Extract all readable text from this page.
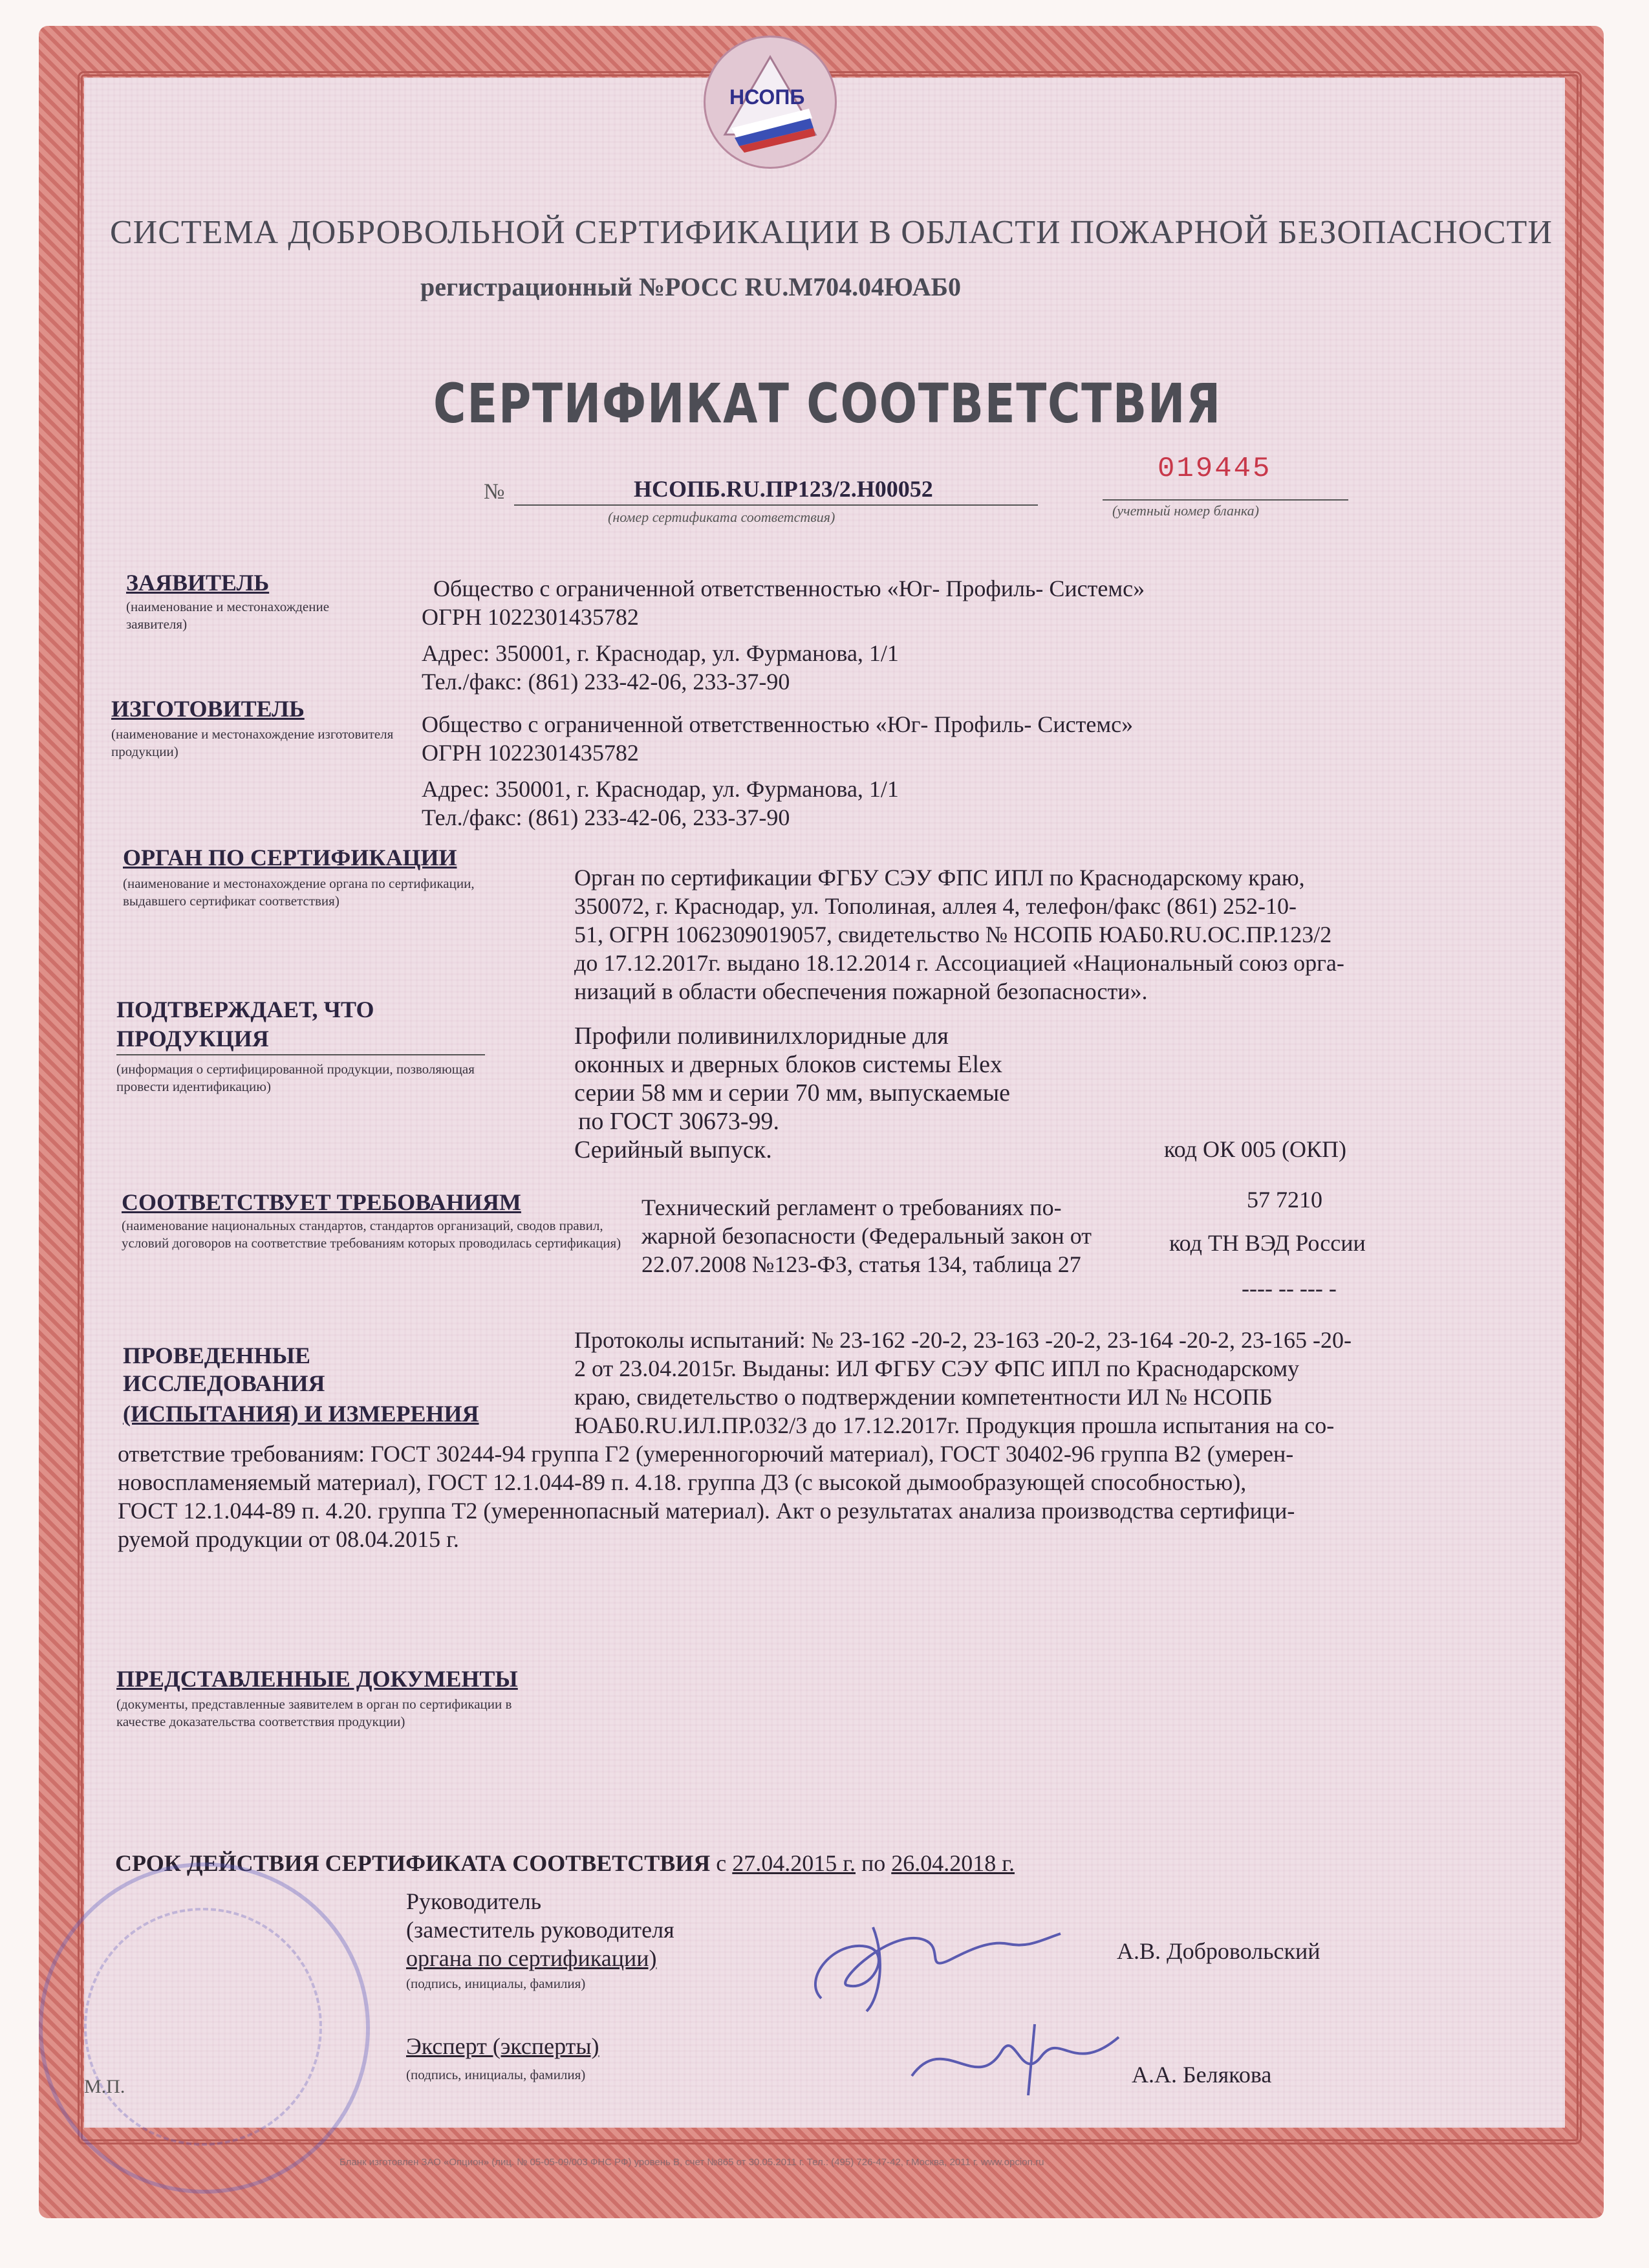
НСОПБ

СИСТЕМА ДОБРОВОЛЬНОЙ СЕРТИФИКАЦИИ В ОБЛАСТИ ПОЖАРНОЙ БЕЗОПАСНОСТИ

регистрационный №РОСС RU.M704.04ЮАБ0

СЕРТИФИКАТ СООТВЕТСТВИЯ

№	НСОПБ.RU.ПР123/2.Н00052
(номер сертификата соответствия)
019445
(учетный номер бланка)

ЗАЯВИТЕЛЬ

(наименование и местонахождение заявителя)

Общество с ограниченной ответственностью «Юг- Профиль- Системс»
ОГРН 1022301435782
Адрес: 350001, г. Краснодар, ул. Фурманова, 1/1
Тел./факс: (861) 233-42-06, 233-37-90

ИЗГОТОВИТЕЛЬ

(наименование и местонахождение изготовителя продукции)

Общество с ограниченной ответственностью «Юг- Профиль- Системс»
ОГРН 1022301435782
Адрес: 350001, г. Краснодар, ул. Фурманова, 1/1
Тел./факс: (861) 233-42-06, 233-37-90

ОРГАН ПО СЕРТИФИКАЦИИ

(наименование и местонахождение органа по сертификации, выдавшего сертификат соответствия)

Орган по сертификации ФГБУ СЭУ ФПС ИПЛ по Краснодарскому краю,
350072, г. Краснодар, ул. Тополиная, аллея 4, телефон/факс (861) 252-10-
51, ОГРН 1062309019057, свидетельство № НСОПБ ЮАБ0.RU.ОС.ПР.123/2
до 17.12.2017г. выдано 18.12.2014 г. Ассоциацией «Национальный союз орга-
низаций в области обеспечения пожарной безопасности».

ПОДТВЕРЖДАЕТ, ЧТО

ПРОДУКЦИЯ

(информация о сертифицированной продукции, позволяющая провести идентификацию)

Профили поливинилхлоридные для
оконных и дверных блоков системы Elex
серии 58 мм и серии 70 мм, выпускаемые
по ГОСТ 30673-99.
Серийный выпуск.	код ОК 005 (ОКП)
57 7210

СООТВЕТСТВУЕТ ТРЕБОВАНИЯМ

(наименование национальных стандартов, стандартов организаций, сводов правил, условий договоров на соответствие требованиям которых проводилась сертификация)

Технический регламент о требованиях по-
жарной безопасности (Федеральный закон от
22.07.2008 №123-ФЗ, статья 134, таблица 27
код ТН ВЭД России
---- -- --- -

ПРОВЕДЕННЫЕ

ИССЛЕДОВАНИЯ

(ИСПЫТАНИЯ) И ИЗМЕРЕНИЯ

Протоколы испытаний: № 23-162 -20-2, 23-163 -20-2, 23-164 -20-2, 23-165 -20-
2 от 23.04.2015г. Выданы: ИЛ ФГБУ СЭУ ФПС ИПЛ по Краснодарскому
краю, свидетельство о подтверждении компетентности ИЛ № НСОПБ
ЮАБ0.RU.ИЛ.ПР.032/3 до 17.12.2017г. Продукция прошла испытания на со-
ответствие требованиям: ГОСТ 30244-94 группа Г2 (умеренногорючий материал), ГОСТ 30402-96 группа В2 (умерен-
новоспламеняемый материал), ГОСТ 12.1.044-89 п. 4.18. группа Д3 (с высокой дымообразующей способностью),
ГОСТ 12.1.044-89 п. 4.20. группа Т2 (умереннопасный материал). Акт о результатах анализа производства сертифици-
руемой продукции от 08.04.2015 г.

ПРЕДСТАВЛЕННЫЕ ДОКУМЕНТЫ

(документы, представленные заявителем в орган по сертификации в качестве доказательства соответствия продукции)

СРОК ДЕЙСТВИЯ СЕРТИФИКАТА СООТВЕТСТВИЯ с 27.04.2015 г. по 26.04.2018 г.
Руководитель
(заместитель руководителя
органа по сертификации)
(подпись, инициалы, фамилия)
А.В. Добровольский
Эксперт (эксперты)
(подпись, инициалы, фамилия)	А.А. Белякова
М.П.
Бланк изготовлен ЗАО «Опцион» (лиц. № 05-05-09/003 ФНС РФ) уровень В, счет №865 от 30.05.2011 г. Тел.: (495) 726-47-42, г.Москва, 2011 г. www.opcion.ru
